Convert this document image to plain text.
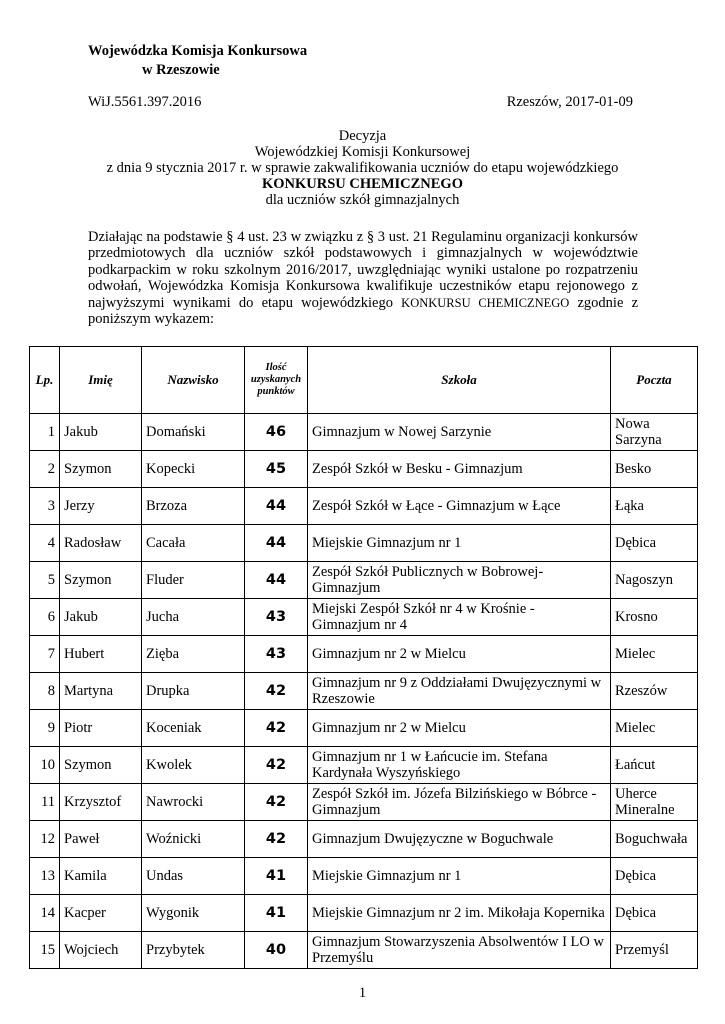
Wojewódzka Komisja Konkursowa
w Rzeszowie
WiJ.5561.397.2016	Rzeszów, 2017-01-09
Decyzja
Wojewódzkiej Komisji Konkursowej
z dnia 9 stycznia 2017 r. w sprawie zakwalifikowania uczniów do etapu wojewódzkiego
KONKURSU CHEMICZNEGO
dla uczniów szkół gimnazjalnych
Działając na podstawie § 4 ust. 23 w związku z § 3 ust. 21 Regulaminu organizacji konkursów przedmiotowych dla uczniów szkół podstawowych i gimnazjalnych w województwie podkarpackim w roku szkolnym 2016/2017, uwzględniając wyniki ustalone po rozpatrzeniu odwołań, Wojewódzka Komisja Konkursowa kwalifikuje uczestników etapu rejonowego z najwyższymi wynikami do etapu wojewódzkiego KONKURSU CHEMICZNEGO zgodnie z poniższym wykazem:
Lp.	Imię	Nazwisko	Ilość
uzyskanych
punktów	Szkoła	Poczta
1	Jakub	Domański	46	Gimnazjum w Nowej Sarzynie	Nowa Sarzyna
2	Szymon	Kopecki	45	Zespół Szkół w Besku - Gimnazjum	Besko
3	Jerzy	Brzoza	44	Zespół Szkół w Łące - Gimnazjum w Łące	Łąka
4	Radosław	Cacała	44	Miejskie Gimnazjum nr 1	Dębica
5	Szymon	Fluder	44	Zespół Szkół Publicznych w Bobrowej-Gimnazjum	Nagoszyn
6	Jakub	Jucha	43	Miejski Zespół Szkół nr 4 w Krośnie - Gimnazjum nr 4	Krosno
7	Hubert	Zięba	43	Gimnazjum nr 2 w Mielcu	Mielec
8	Martyna	Drupka	42	Gimnazjum nr 9 z Oddziałami Dwujęzycznymi w Rzeszowie	Rzeszów
9	Piotr	Koceniak	42	Gimnazjum nr 2 w Mielcu	Mielec
10	Szymon	Kwolek	42	Gimnazjum nr 1 w Łańcucie im. Stefana Kardynała Wyszyńskiego	Łańcut
11	Krzysztof	Nawrocki	42	Zespół Szkół im. Józefa Bilzińskiego w Bóbrce - Gimnazjum	Uherce Mineralne
12	Paweł	Woźnicki	42	Gimnazjum Dwujęzyczne w Boguchwale	Boguchwała
13	Kamila	Undas	41	Miejskie Gimnazjum nr 1	Dębica
14	Kacper	Wygonik	41	Miejskie Gimnazjum nr 2 im. Mikołaja Kopernika	Dębica
15	Wojciech	Przybytek	40	Gimnazjum Stowarzyszenia Absolwentów I LO w Przemyślu	Przemyśl
1
